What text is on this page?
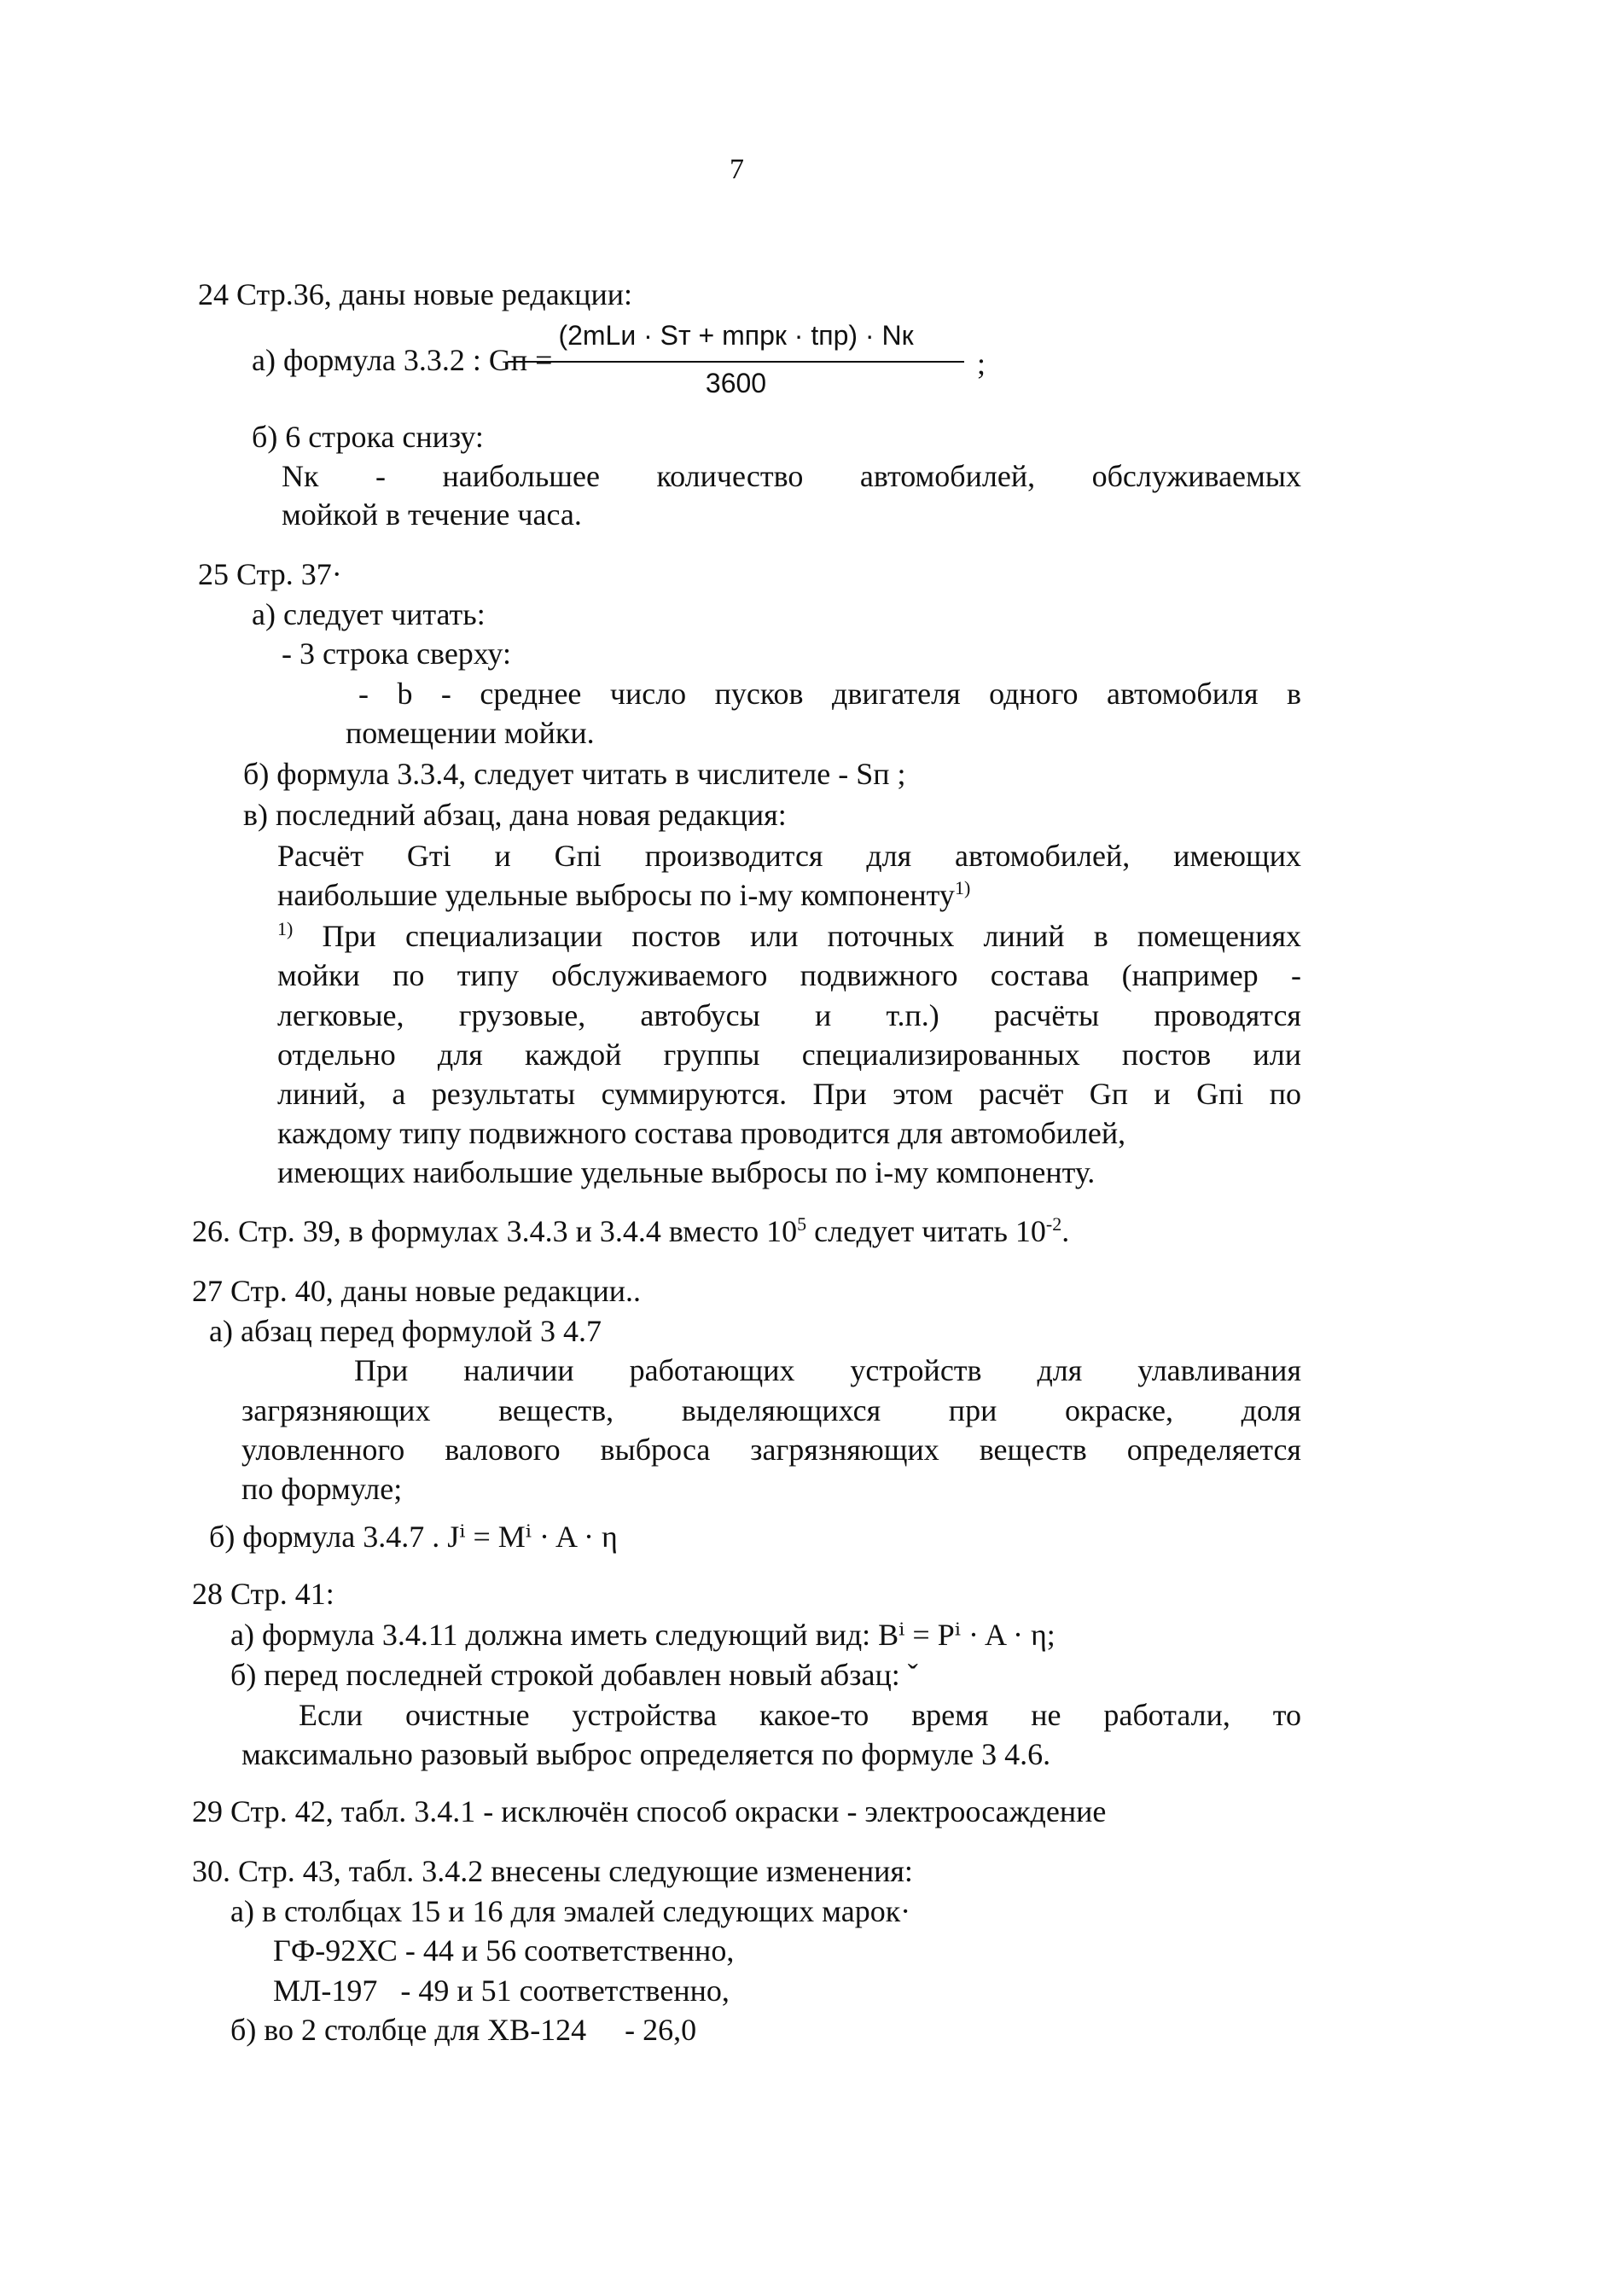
7
24 Стр.36, даны новые редакции:
а) формула 3.3.2 : Gп =
(2mLи · Sт + mпрк · tпр) · Nк
3600
;
б) 6 строка снизу:
Nк - наибольшее количество автомобилей, обслуживаемых
мойкой в течение часа.
25 Стр. 37·
а) следует читать:
- 3 строка сверху:
- b - среднее число пусков двигателя одного автомобиля в
помещении мойки.
б) формула 3.3.4, следует читать в числителе - Sп ;
в) последний абзац, дана новая редакция:
Расчёт Gтi и Gпi производится для автомобилей, имеющих
наибольшие удельные выбросы по i-му компоненту$^{1)}$
$^{1)}$ При специализации постов или поточных линий в помещениях
мойки по типу обслуживаемого подвижного состава (например -
легковые, грузовые, автобусы и т.п.) расчёты проводятся
отдельно для каждой группы специализированных постов или
линий, а результаты суммируются. При этом расчёт Gп и Gпi по
каждому типу подвижного состава проводится для автомобилей,
имеющих наибольшие удельные выбросы по i-му компоненту.
26. Стр. 39, в формулах 3.4.3 и 3.4.4 вместо $10^5$ следует читать $10^{-2}$.
27 Стр. 40, даны новые редакции..
а) абзац перед формулой 3 4.7
При наличии работающих устройств для улавливания
загрязняющих веществ, выделяющихся при окраске, доля
уловленного валового выброса загрязняющих веществ определяется
по формуле;
б) формула 3.4.7 . Jⁱ = Mⁱ · A · η
28 Стр. 41:
а) формула 3.4.11 должна иметь следующий вид: Bⁱ = Pⁱ · A · η;
б) перед последней строкой добавлен новый абзац: ˇ
Если очистные устройства какое-то время не работали, то
максимально разовый выброс определяется по формуле 3 4.6.
29 Стр. 42, табл. 3.4.1 - исключён способ окраски - электроосаждение
30. Стр. 43, табл. 3.4.2 внесены следующие изменения:
а) в столбцах 15 и 16 для эмалей следующих марок·
ГФ-92ХС - 44 и 56 соответственно,
МЛ-197   - 49 и 51 соответственно,
б) во 2 столбце для ХВ-124     - 26,0
